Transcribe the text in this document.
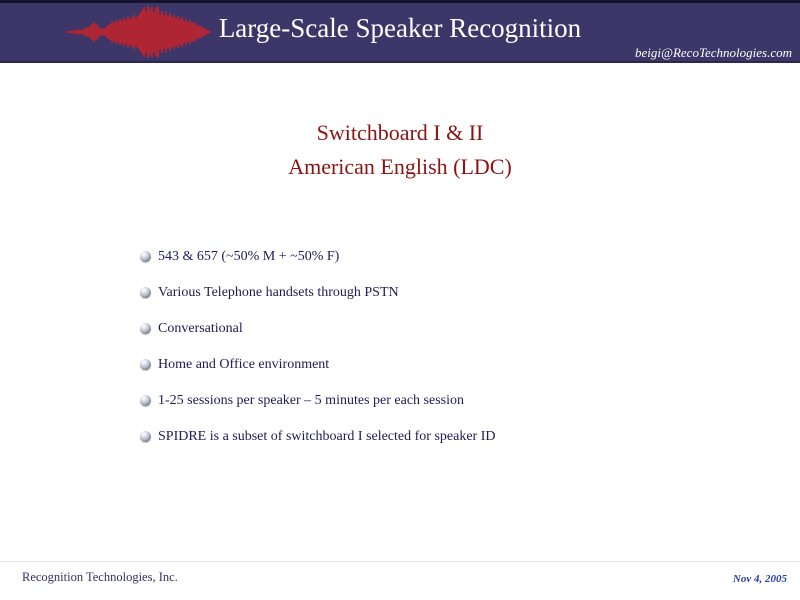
Large-Scale Speaker Recognition
beigi@RecoTechnologies.com
Switchboard I & II
American English (LDC)
543 & 657 (~50% M + ~50% F)
Various Telephone handsets through PSTN
Conversational
Home and Office environment
1-25 sessions per speaker – 5 minutes per each session
SPIDRE is a subset of switchboard I selected for speaker ID
Recognition Technologies, Inc.	Nov 4, 2005
